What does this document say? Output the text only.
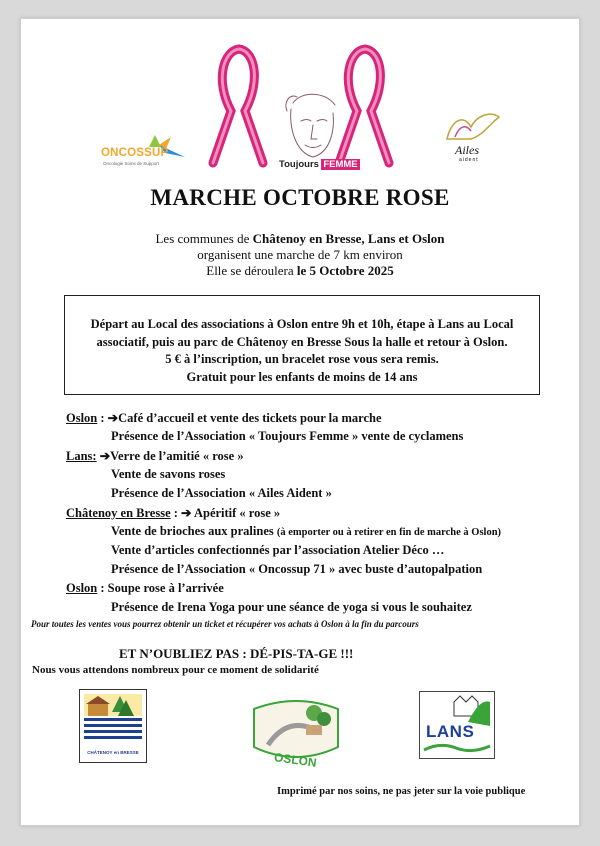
ONCOSSUP
Oncologie Soins de Support	Toujours FEMME
Ailes
aident
MARCHE OCTOBRE ROSE
Les communes de Châtenoy en Bresse, Lans et Oslon
organisent une marche de 7 km environ
Elle se déroulera le 5 Octobre 2025
Départ au Local des associations à Oslon entre 9h et 10h, étape à Lans au Local
associatif, puis au parc de Châtenoy en Bresse Sous la halle et retour à Oslon.
5 € à l’inscription, un bracelet rose vous sera remis.
Gratuit pour les enfants de moins de 14 ans
Oslon : ➔Café d’accueil et vente des tickets pour la marche
Présence de l’Association « Toujours Femme » vente de cyclamens
Lans: ➔Verre de l’amitié « rose »
Vente de savons roses
Présence de l’Association « Ailes Aident »
Châtenoy en Bresse : ➔ Apéritif « rose »
Vente de brioches aux pralines (à emporter ou à retirer en fin de marche à Oslon)
Vente d’articles confectionnés par l’association Atelier Déco …
Présence de l’Association « Oncossup 71 » avec buste d’autopalpation
Oslon : Soupe rose à l’arrivée
Présence de Irena Yoga pour une séance de yoga si vous le souhaitez
Pour toutes les ventes vous pourrez obtenir un ticket et récupérer vos achats à Oslon à la fin du parcours
ET N’OUBLIEZ PAS : DÉ-PIS-TA-GE !!!
Nous vous attendons nombreux pour ce moment de solidarité
CHÂTENOY en BRESSE	OSLON
LANS
Imprimé par nos soins, ne pas jeter sur la voie publique
